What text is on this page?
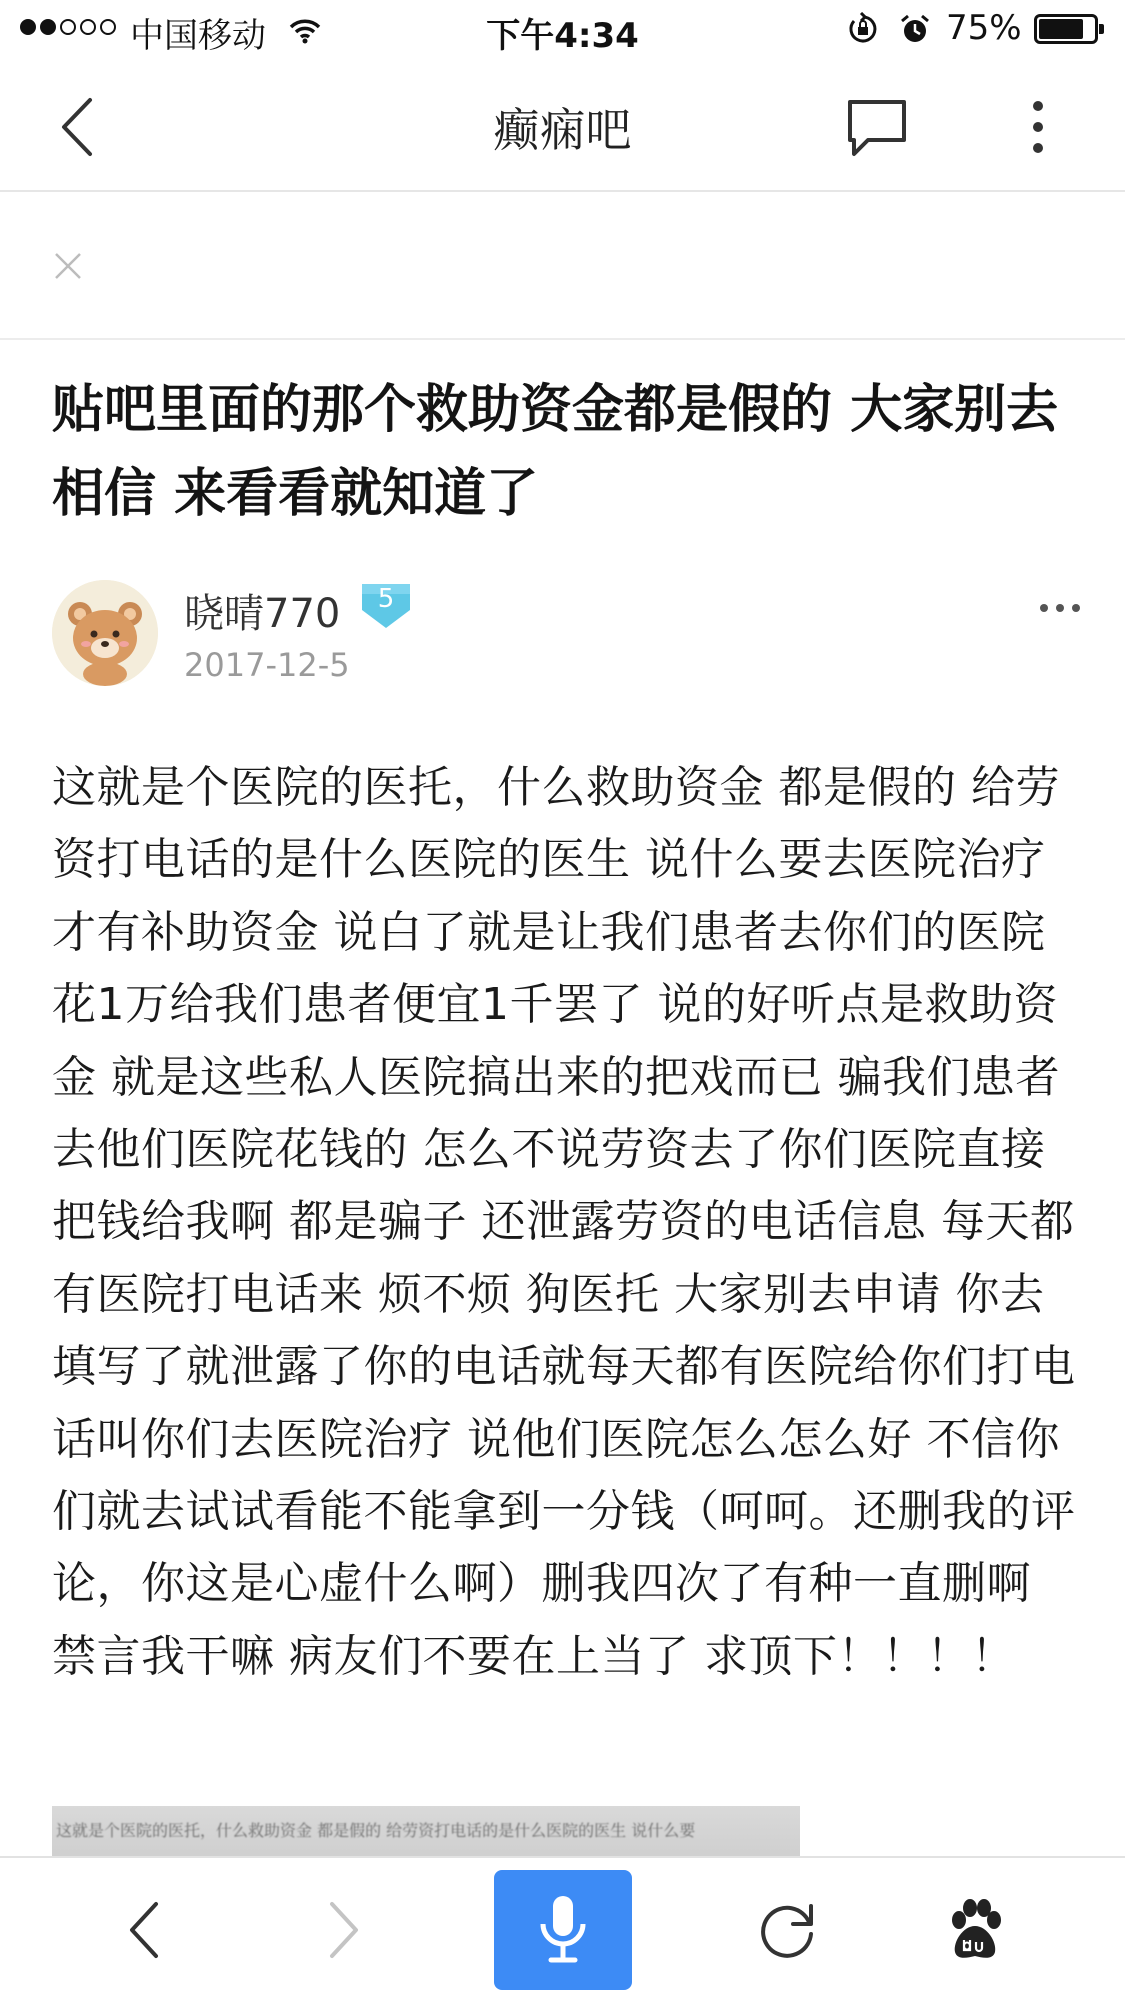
中国移动	下午4:34	75%
癫痫吧
贴吧里面的那个救助资金都是假的 大家别去相信 来看看就知道了
晓晴770	5
2017-12-5

这就是个医院的医托，什么救助资金 都是假的 给劳资打电话的是什么医院的医生 说什么要去医院治疗才有补助资金 说白了就是让我们患者去你们的医院花1万给我们患者便宜1千罢了 说的好听点是救助资金 就是这些私人医院搞出来的把戏而已 骗我们患者去他们医院花钱的 怎么不说劳资去了你们医院直接把钱给我啊 都是骗子 还泄露劳资的电话信息 每天都有医院打电话来 烦不烦 狗医托 大家别去申请 你去填写了就泄露了你的电话就每天都有医院给你们打电话叫你们去医院治疗 说他们医院怎么怎么好 不信你们就去试试看能不能拿到一分钱（呵呵。还删我的评论，你这是心虚什么啊）删我四次了有种一直删啊 禁言我干嘛 病友们不要在上当了 求顶下！！！！

这就是个医院的医托，什么救助资金 都是假的 给劳资打电话的是什么医院的医生 说什么要
